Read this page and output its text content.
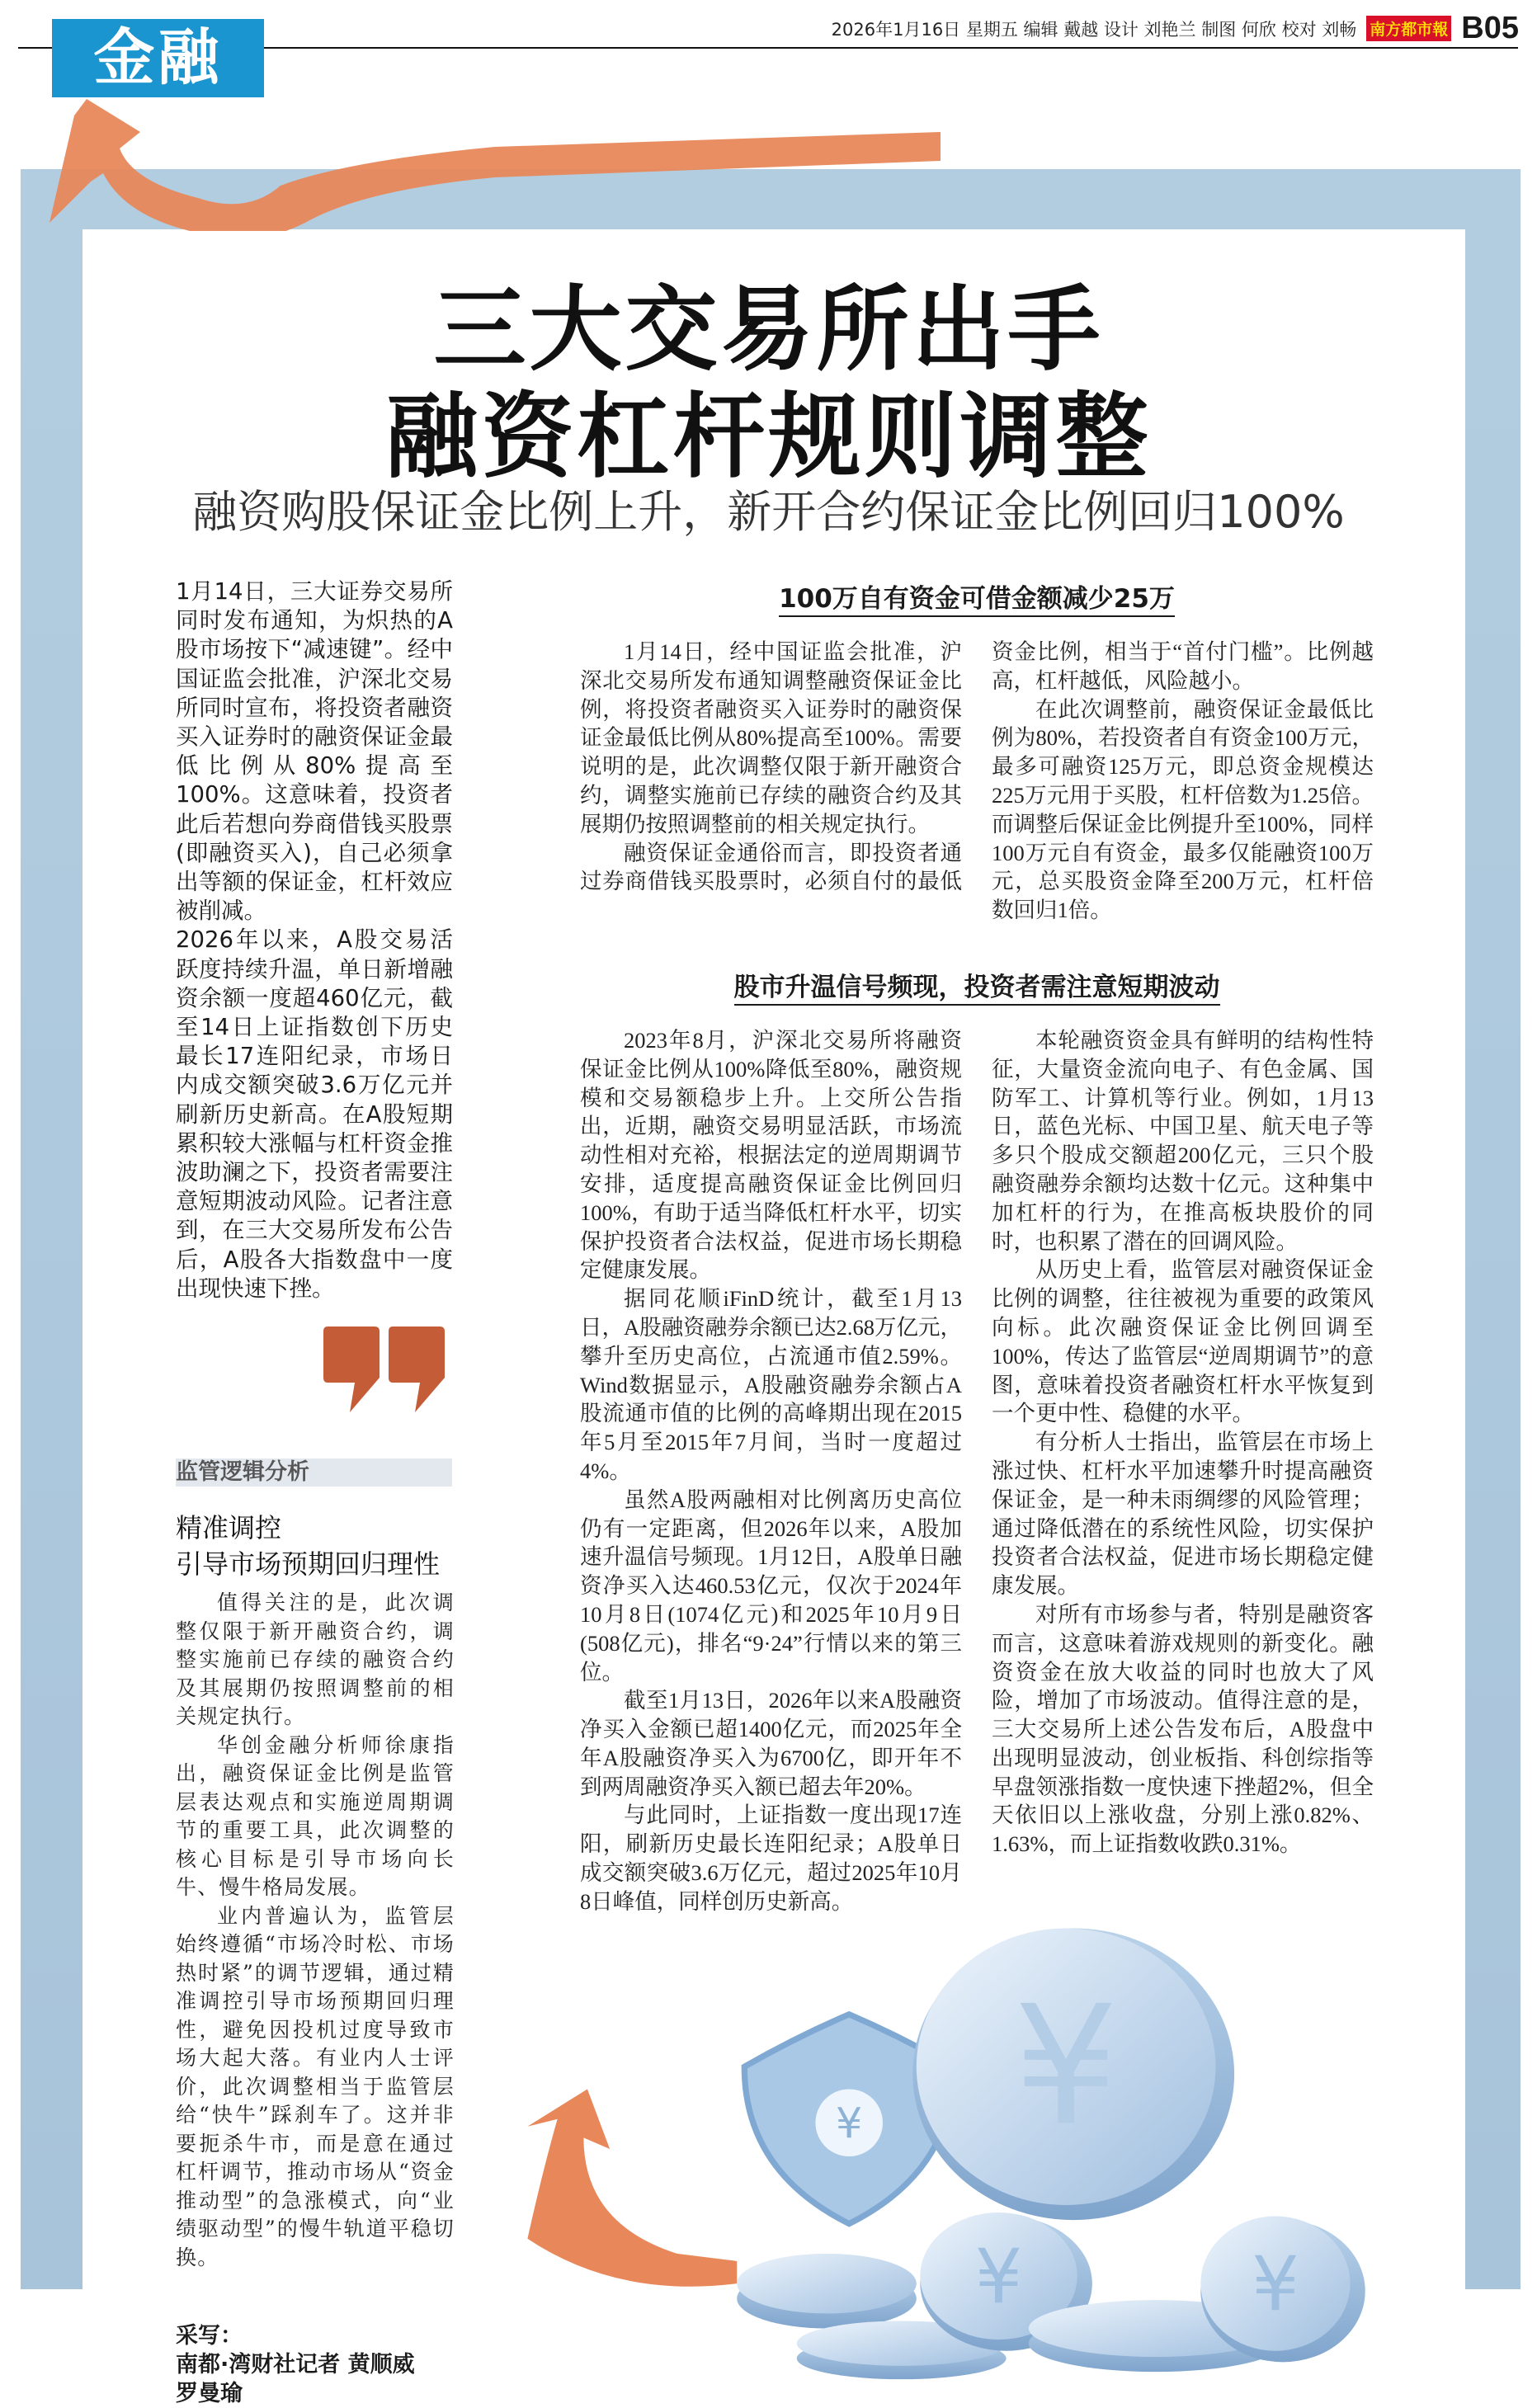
金融	2026年1月16日 星期五 编辑 戴越 设计 刘艳兰 制图 何欣 校对 刘畅 南方都市報 B05
三大交易所出手
融资杠杆规则调整
融资购股保证金比例上升，新开合约保证金比例回归100%

1月14日，三大证券交易所同时发布通知，为炽热的A股市场按下“减速键”。经中国证监会批准，沪深北交易所同时宣布，将投资者融资买入证券时的融资保证金最低比例从80%提高至100%。这意味着，投资者此后若想向券商借钱买股票(即融资买入)，自己必须拿出等额的保证金，杠杆效应被削减。

2026年以来，A股交易活跃度持续升温，单日新增融资余额一度超460亿元，截至14日上证指数创下历史最长17连阳纪录，市场日内成交额突破3.6万亿元并刷新历史新高。在A股短期累积较大涨幅与杠杆资金推波助澜之下，投资者需要注意短期波动风险。记者注意到，在三大交易所发布公告后，A股各大指数盘中一度出现快速下挫。

监管逻辑分析
精准调控
引导市场预期回归理性

值得关注的是，此次调整仅限于新开融资合约，调整实施前已存续的融资合约及其展期仍按照调整前的相关规定执行。

华创金融分析师徐康指出，融资保证金比例是监管层表达观点和实施逆周期调节的重要工具，此次调整的核心目标是引导市场向长牛、慢牛格局发展。

业内普遍认为，监管层始终遵循“市场冷时松、市场热时紧”的调节逻辑，通过精准调控引导市场预期回归理性，避免因投机过度导致市场大起大落。有业内人士评价，此次调整相当于监管层给“快牛”踩刹车了。这并非要扼杀牛市，而是意在通过杠杆调节，推动市场从“资金推动型”的急涨模式，向“业绩驱动型”的慢牛轨道平稳切换。

采写：
南都·湾财社记者 黄顺威
罗曼瑜
100万自有资金可借金额减少25万

1月14日，经中国证监会批准，沪深北交易所发布通知调整融资保证金比例，将投资者融资买入证券时的融资保证金最低比例从80%提高至100%。需要说明的是，此次调整仅限于新开融资合约，调整实施前已存续的融资合约及其展期仍按照调整前的相关规定执行。

融资保证金通俗而言，即投资者通过券商借钱买股票时，必须自付的最低资金比例，相当于“首付门槛”。比例越高，杠杆越低，风险越小。

在此次调整前，融资保证金最低比例为80%，若投资者自有资金100万元，最多可融资125万元，即总资金规模达225万元用于买股，杠杆倍数为1.25倍。而调整后保证金比例提升至100%，同样100万元自有资金，最多仅能融资100万元，总买股资金降至200万元，杠杆倍数回归1倍。

股市升温信号频现，投资者需注意短期波动

2023年8月，沪深北交易所将融资保证金比例从100%降低至80%，融资规模和交易额稳步上升。上交所公告指出，近期，融资交易明显活跃，市场流动性相对充裕，根据法定的逆周期调节安排，适度提高融资保证金比例回归100%，有助于适当降低杠杆水平，切实保护投资者合法权益，促进市场长期稳定健康发展。

据同花顺iFinD统计，截至1月13日，A股融资融券余额已达2.68万亿元，攀升至历史高位，占流通市值2.59%。Wind数据显示，A股融资融券余额占A股流通市值的比例的高峰期出现在2015年5月至2015年7月间，当时一度超过4%。

虽然A股两融相对比例离历史高位仍有一定距离，但2026年以来，A股加速升温信号频现。1月12日，A股单日融资净买入达460.53亿元，仅次于2024年10月8日(1074亿元)和2025年10月9日(508亿元)，排名“9·24”行情以来的第三位。

截至1月13日，2026年以来A股融资净买入金额已超1400亿元，而2025年全年A股融资净买入为6700亿，即开年不到两周融资净买入额已超去年20%。

与此同时，上证指数一度出现17连阳，刷新历史最长连阳纪录；A股单日成交额突破3.6万亿元，超过2025年10月8日峰值，同样创历史新高。

本轮融资资金具有鲜明的结构性特征，大量资金流向电子、有色金属、国防军工、计算机等行业。例如，1月13日，蓝色光标、中国卫星、航天电子等多只个股成交额超200亿元，三只个股融资融券余额均达数十亿元。这种集中加杠杆的行为，在推高板块股价的同时，也积累了潜在的回调风险。

从历史上看，监管层对融资保证金比例的调整，往往被视为重要的政策风向标。此次融资保证金比例回调至100%，传达了监管层“逆周期调节”的意图，意味着投资者融资杠杆水平恢复到一个更中性、稳健的水平。

有分析人士指出，监管层在市场上涨过快、杠杆水平加速攀升时提高融资保证金，是一种未雨绸缪的风险管理；通过降低潜在的系统性风险，切实保护投资者合法权益，促进市场长期稳定健康发展。

对所有市场参与者，特别是融资客而言，这意味着游戏规则的新变化。融资资金在放大收益的同时也放大了风险，增加了市场波动。值得注意的是，三大交易所上述公告发布后，A股盘中出现明显波动，创业板指、科创综指等早盘领涨指数一度快速下挫超2%，但全天依旧以上涨收盘，分别上涨0.82%、1.63%，而上证指数收跌0.31%。

¥ ¥
¥	¥
